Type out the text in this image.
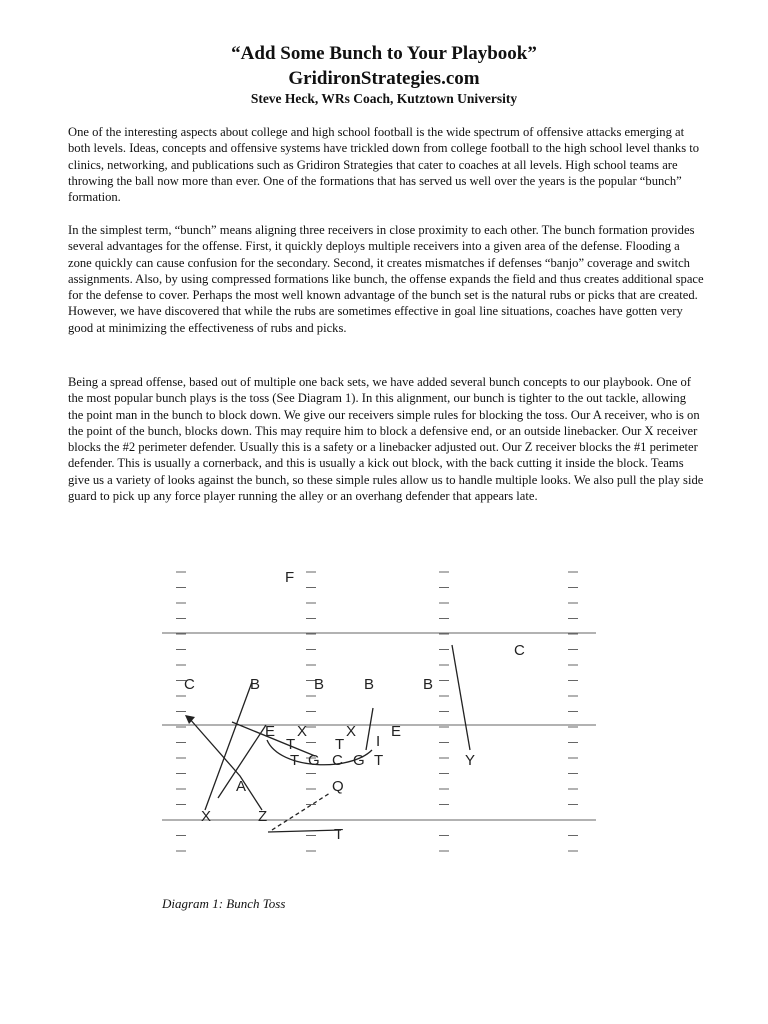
“Add Some Bunch to Your Playbook”
GridironStrategies.com
Steve Heck, WRs Coach, Kutztown University

One of the interesting aspects about college and high school football is the wide spectrum of offensive attacks emerging at both levels. Ideas, concepts and offensive systems have trickled down from college football to the high school level thanks to clinics, networking, and publications such as Gridiron Strategies that cater to coaches at all levels. High school teams are throwing the ball now more than ever. One of the formations that has served us well over the years is the popular “bunch” formation.

In the simplest term, “bunch” means aligning three receivers in close proximity to each other. The bunch formation provides several advantages for the offense. First, it quickly deploys multiple receivers into a given area of the defense. Flooding a zone quickly can cause confusion for the secondary. Second, it creates mismatches if defenses “banjo” coverage and switch assignments. Also, by using compressed formations like bunch, the offense expands the field and thus creates additional space for the defense to cover. Perhaps the most well known advantage of the bunch set is the natural rubs or picks that are created. However, we have discovered that while the rubs are sometimes effective in goal line situations, coaches have gotten very good at minimizing the effectiveness of rubs and picks.

Being a spread offense, based out of multiple one back sets, we have added several bunch concepts to our playbook. One of the most popular bunch plays is the toss (See Diagram 1). In this alignment, our bunch is tighter to the out tackle, allowing the point man in the bunch to block down. We give our receivers simple rules for blocking the toss. Our A receiver, who is on the point of the bunch, blocks down. This may require him to block a defensive end, or an outside linebacker. Our X receiver blocks the #2 perimeter defender. Usually this is a safety or a linebacker adjusted out. Our Z receiver blocks the #1 perimeter defender. This is usually a cornerback, and this is usually a kick out block, with the back cutting it inside the block. Teams give us a variety of looks against the bunch, so these simple rules allow us to handle multiple looks. We also pull the play side guard to pick up any force player running the alley or an overhang defender that appears late.

F
C
C	B	B	B	B
X	X
E	E
I
T G C G T
T	T
Y
A
X	Z
Q
T
Diagram 1: Bunch Toss
